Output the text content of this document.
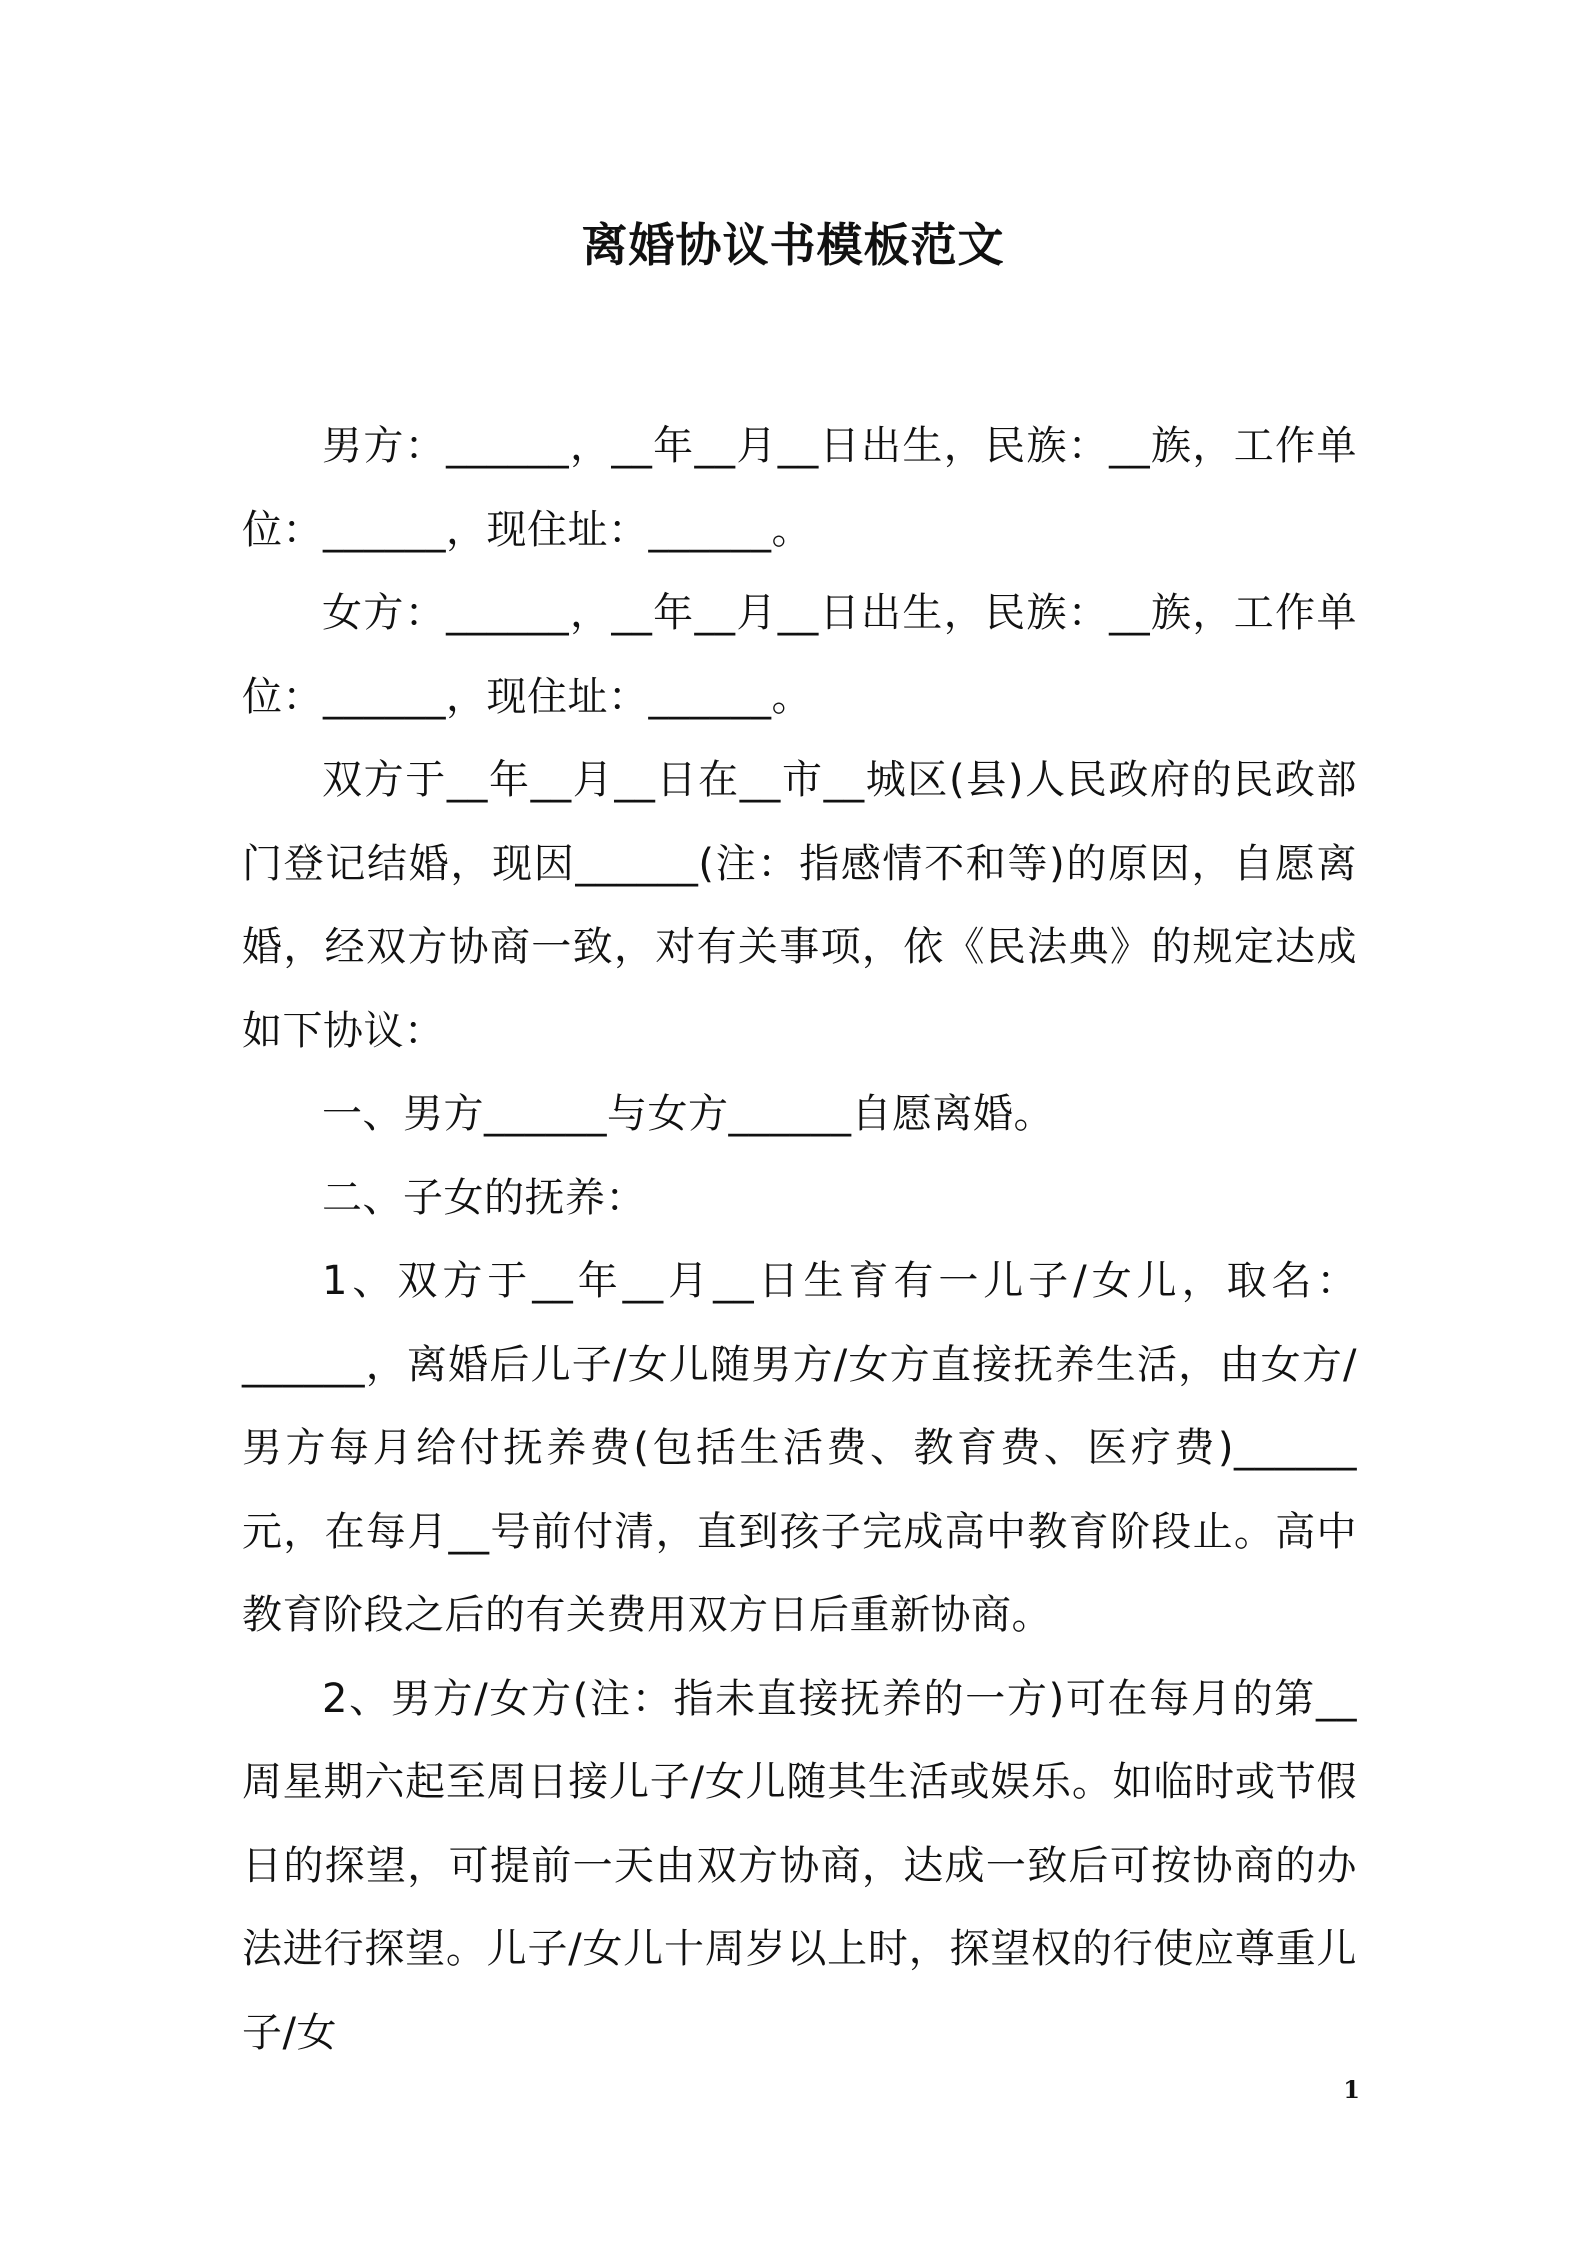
离婚协议书模板范文

男方：______，__年__月__日出生，民族：__族，工作单位：______，现住址：______。

女方：______，__年__月__日出生，民族：__族，工作单位：______，现住址：______。

双方于__年__月__日在__市__城区(县)人民政府的民政部门登记结婚，现因______(注：指感情不和等)的原因，自愿离婚，经双方协商一致，对有关事项，依《民法典》的规定达成如下协议：

一、男方______与女方______自愿离婚。

二、子女的抚养：

1、双方于__年__月__日生育有一儿子/女儿，取名：______，离婚后儿子/女儿随男方/女方直接抚养生活，由女方/男方每月给付抚养费(包括生活费、教育费、医疗费)______元，在每月__号前付清，直到孩子完成高中教育阶段止。高中教育阶段之后的有关费用双方日后重新协商。

2、男方/女方(注：指未直接抚养的一方)可在每月的第__周星期六起至周日接儿子/女儿随其生活或娱乐。如临时或节假日的探望，可提前一天由双方协商，达成一致后可按协商的办法进行探望。儿子/女儿十周岁以上时，探望权的行使应尊重儿子/女

1
